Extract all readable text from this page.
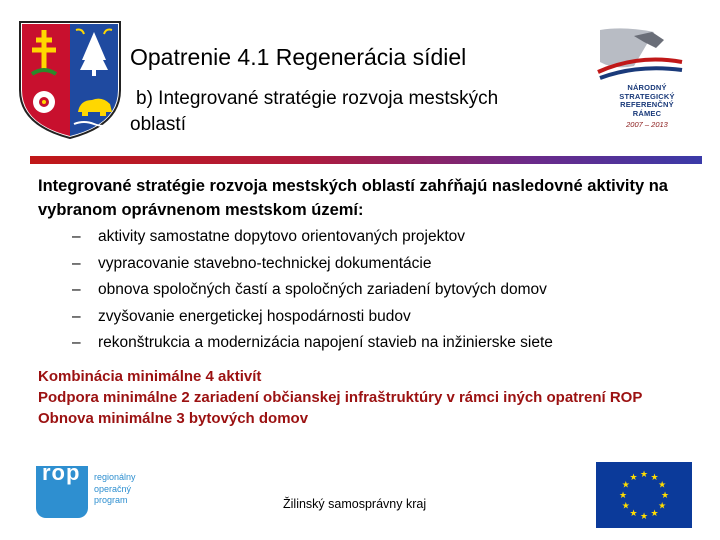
Opatrenie 4.1 Regenerácia sídiel
b) Integrované stratégie rozvoja mestských
oblastí
NÁRODNÝ
STRATEGICKÝ
REFERENČNÝ
RÁMEC
2007 – 2013
Integrované stratégie rozvoja mestských oblastí zahŕňajú nasledovné aktivity na vybranom oprávnenom mestskom území:
– aktivity samostatne dopytovo orientovaných projektov
– vypracovanie stavebno-technickej dokumentácie
– obnova spoločných častí a spoločných zariadení bytových domov
– zvyšovanie energetickej hospodárnosti budov
– rekonštrukcia a modernizácia napojení stavieb na inžinierske siete
Kombinácia minimálne 4 aktivít
Podpora minimálne 2 zariadení občianskej infraštruktúry v rámci iných opatrení ROP
Obnova minimálne 3 bytových domov
rop regionálny
operačný
program	Žilinský samosprávny kraj
★ ★
★
★
★
★
★
★
★
★
★
★
